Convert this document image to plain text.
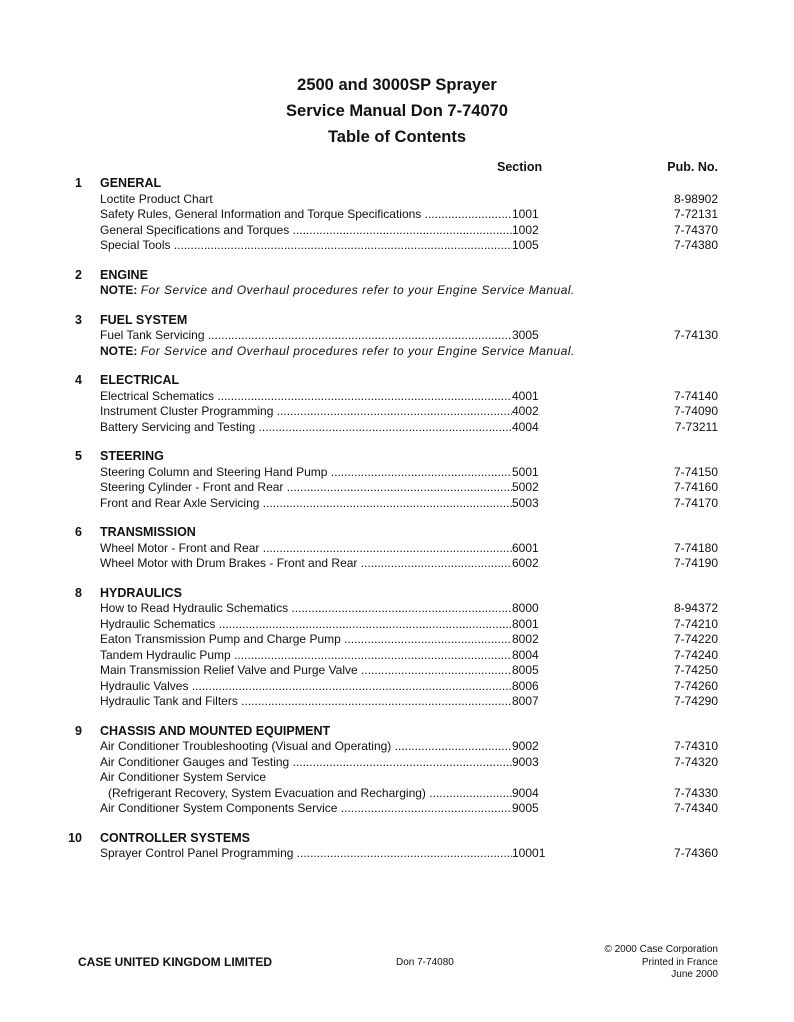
2500 and 3000SP Sprayer
Service Manual Don 7-74070
Table of Contents
Section	Pub. No.
1 GENERAL
Loctite Product Chart	8-98902
Safety Rules, General Information and Torque Specifications .....	1001	7-72131
General Specifications and Torques .....	1002	7-74370
Special Tools .....	1005	7-74380
2 ENGINE
NOTE: For Service and Overhaul procedures refer to your Engine Service Manual.
3 FUEL SYSTEM
Fuel Tank Servicing .....	3005	7-74130
NOTE: For Service and Overhaul procedures refer to your Engine Service Manual.
4 ELECTRICAL
Electrical Schematics .....	4001	7-74140
Instrument Cluster Programming .....	4002	7-74090
Battery Servicing and Testing .....	4004	7-73211
5 STEERING
Steering Column and Steering Hand Pump .....	5001	7-74150
Steering Cylinder - Front and Rear .....	5002	7-74160
Front and Rear Axle Servicing .....	5003	7-74170
6 TRANSMISSION
Wheel Motor - Front and Rear .....	6001	7-74180
Wheel Motor with Drum Brakes - Front and Rear .....	6002	7-74190
8 HYDRAULICS
How to Read Hydraulic Schematics .....	8000	8-94372
Hydraulic Schematics .....	8001	7-74210
Eaton Transmission Pump and Charge Pump .....	8002	7-74220
Tandem Hydraulic Pump .....	8004	7-74240
Main Transmission Relief Valve and Purge Valve .....	8005	7-74250
Hydraulic Valves .....	8006	7-74260
Hydraulic Tank and Filters .....	8007	7-74290
9 CHASSIS AND MOUNTED EQUIPMENT
Air Conditioner Troubleshooting (Visual and Operating) .....	9002	7-74310
Air Conditioner Gauges and Testing .....	9003	7-74320
Air Conditioner System Service
(Refrigerant Recovery, System Evacuation and Recharging) .....	9004	7-74330
Air Conditioner System Components Service .....	9005	7-74340
10 CONTROLLER SYSTEMS
Sprayer Control Panel Programming .....	10001	7-74360
CASE UNITED KINGDOM LIMITED	Don 7-74080
© 2000 Case Corporation
Printed in France
June 2000
